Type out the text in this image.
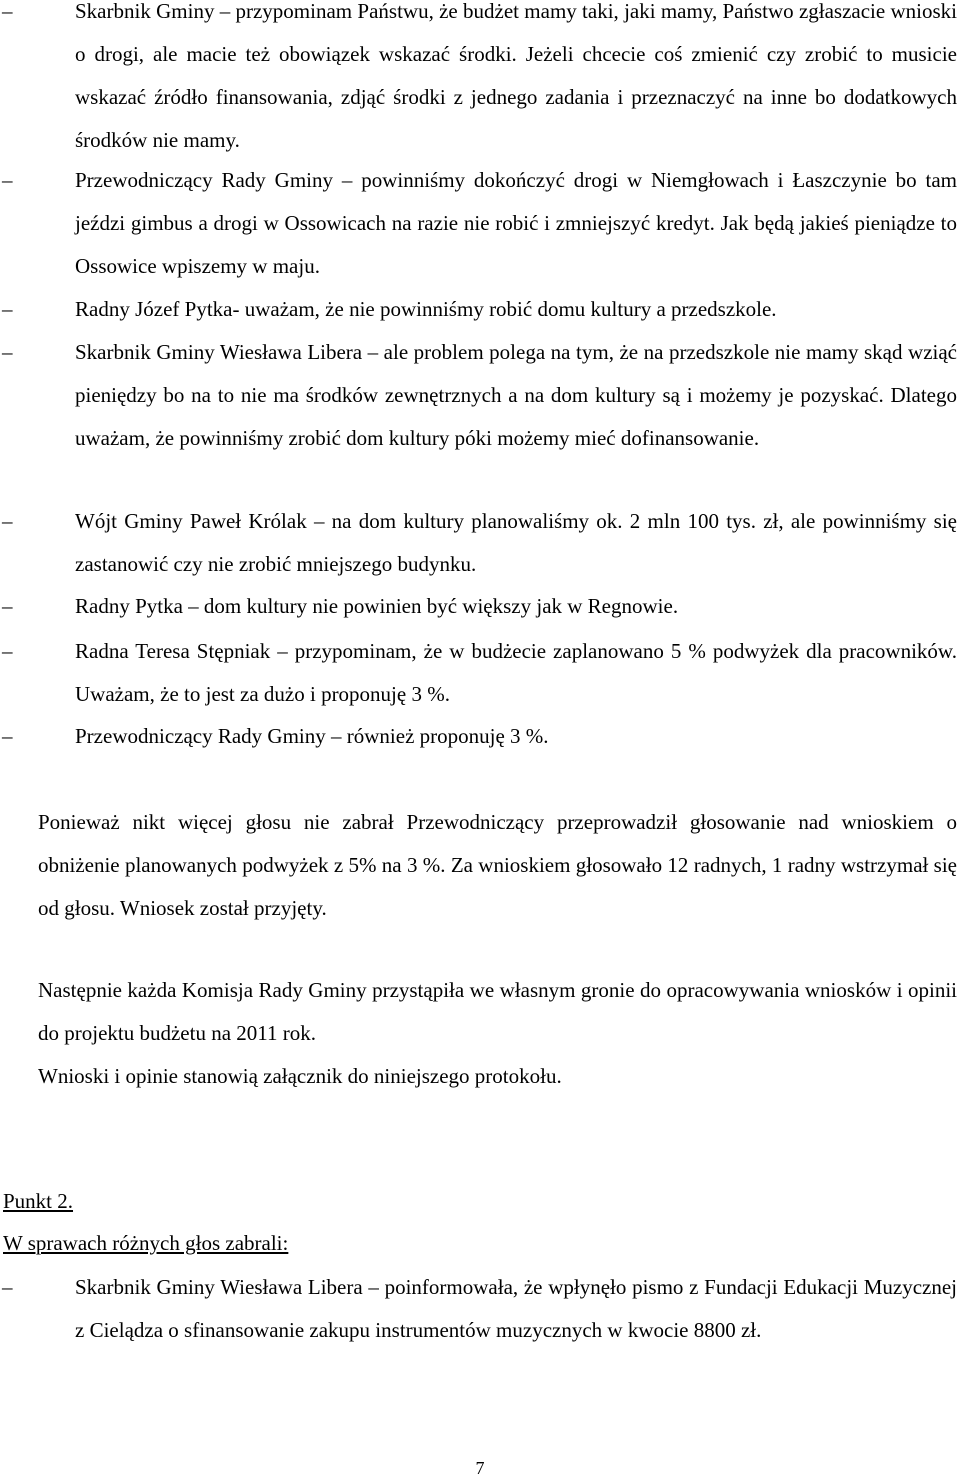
–	Skarbnik Gminy – przypominam Państwu, że budżet mamy taki, jaki mamy, Państwo zgłaszacie wnioski o drogi, ale macie też obowiązek wskazać środki. Jeżeli chcecie coś zmienić czy zrobić to musicie wskazać źródło finansowania, zdjąć środki z jednego zadania i przeznaczyć na inne bo dodatkowych środków nie mamy.
–	Przewodniczący Rady Gminy – powinniśmy dokończyć drogi w Niemgłowach i Łaszczynie bo tam jeździ gimbus a drogi w Ossowicach na razie nie robić i zmniejszyć kredyt. Jak będą jakieś pieniądze to Ossowice wpiszemy w maju.
–	Radny Józef Pytka- uważam, że nie powinniśmy robić domu kultury a przedszkole.
–	Skarbnik Gminy Wiesława Libera – ale problem polega na tym, że na przedszkole nie mamy skąd wziąć pieniędzy bo na to nie ma środków zewnętrznych a na dom kultury są i możemy je pozyskać. Dlatego uważam, że powinniśmy zrobić dom kultury póki możemy mieć dofinansowanie.
–	Wójt Gminy Paweł Królak – na dom kultury planowaliśmy ok. 2 mln 100 tys. zł, ale powinniśmy się zastanowić czy nie zrobić mniejszego budynku.
–	Radny Pytka – dom kultury nie powinien być większy jak w Regnowie.
–	Radna Teresa Stępniak – przypominam, że w budżecie zaplanowano 5 % podwyżek dla pracowników. Uważam, że to jest za dużo i proponuję 3 %.
–	Przewodniczący Rady Gminy – również proponuję 3 %.
Ponieważ nikt więcej głosu nie zabrał Przewodniczący przeprowadził głosowanie nad wnioskiem o obniżenie planowanych podwyżek z 5% na 3 %. Za wnioskiem głosowało 12 radnych, 1 radny wstrzymał się od głosu. Wniosek został przyjęty.
Następnie każda Komisja Rady Gminy przystąpiła we własnym gronie do opracowywania wniosków i opinii do projektu budżetu na 2011 rok.
Wnioski i opinie stanowią załącznik do niniejszego protokołu.
Punkt 2.
W sprawach różnych głos zabrali:
–	Skarbnik Gminy Wiesława Libera – poinformowała, że wpłynęło pismo z Fundacji Edukacji Muzycznej z Cielądza o sfinansowanie zakupu instrumentów muzycznych w kwocie 8800 zł.
7
